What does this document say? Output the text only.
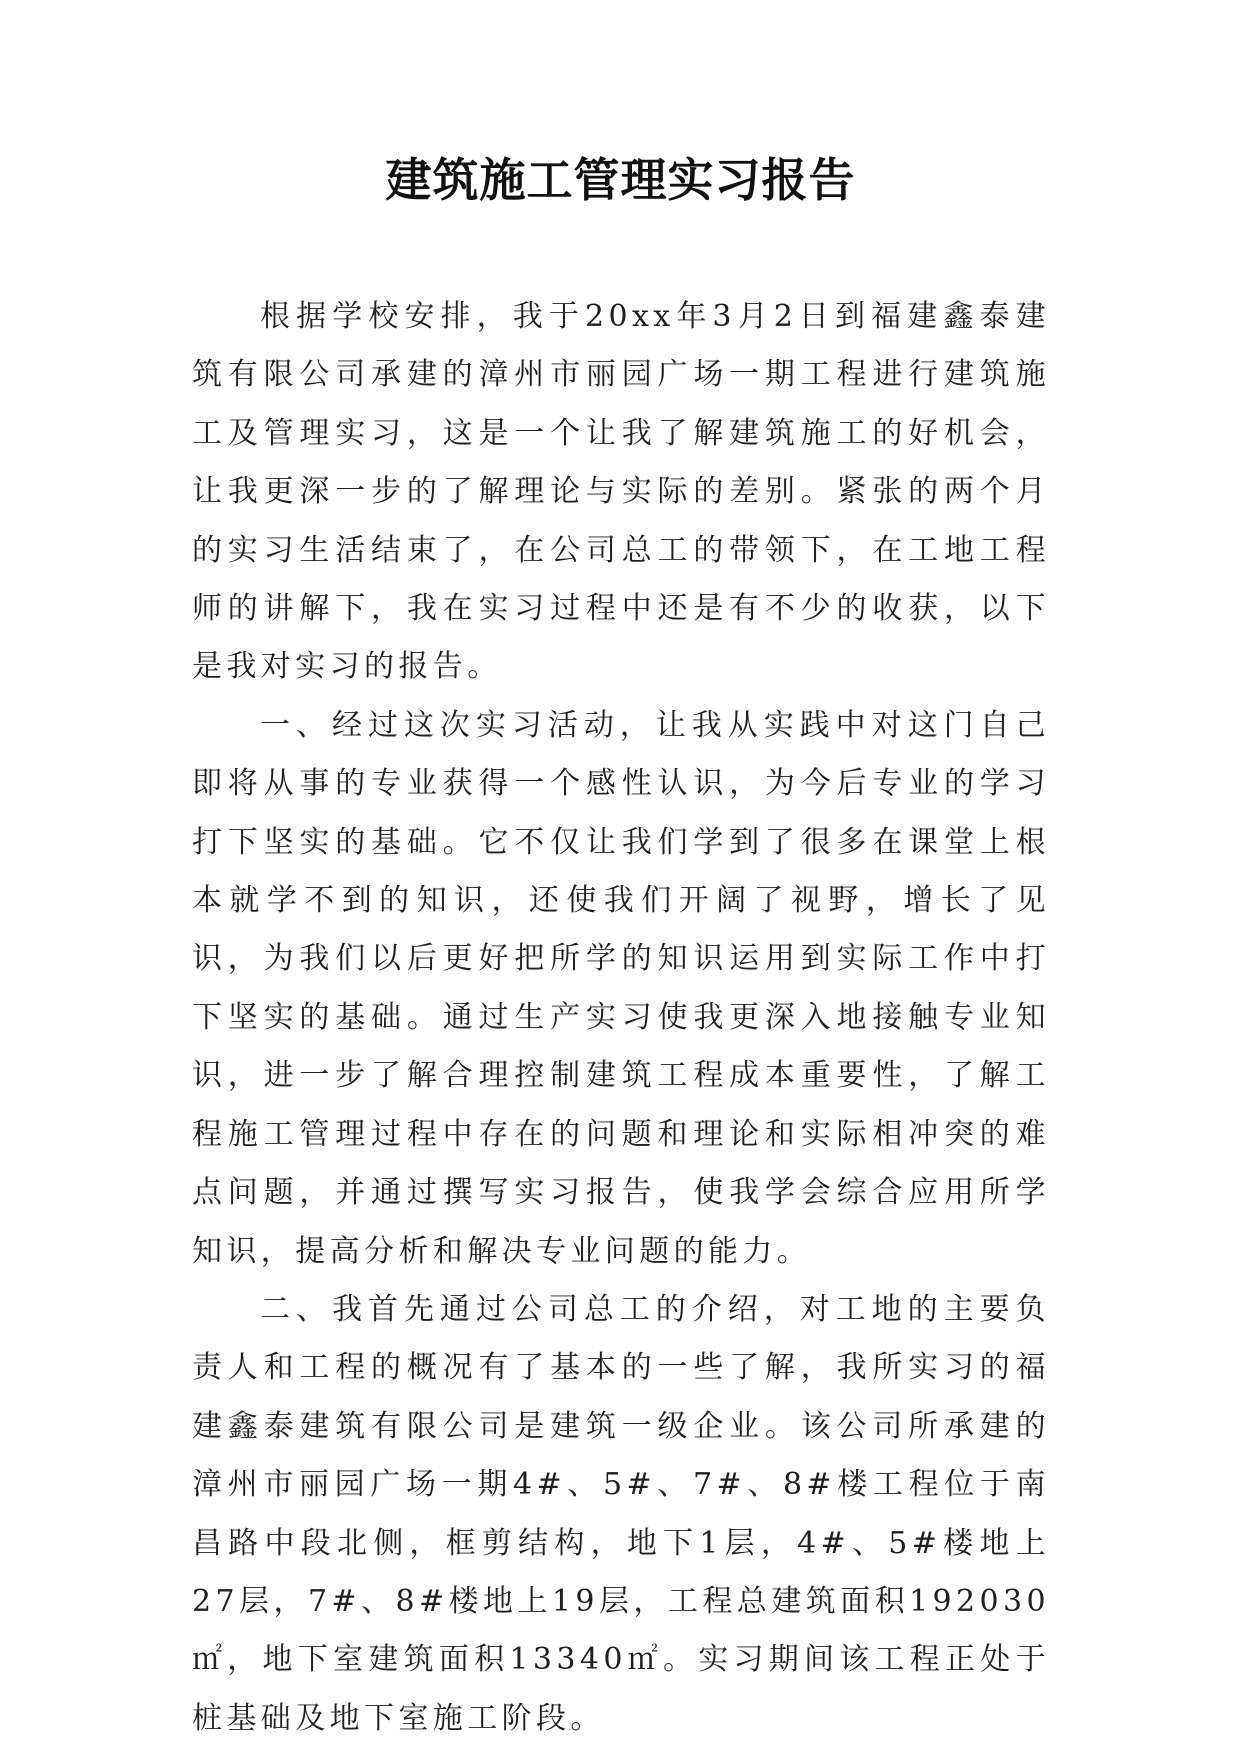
建筑施工管理实习报告

根据学校安排，我于20xx年3月2日到福建鑫泰建筑有限公司承建的漳州市丽园广场一期工程进行建筑施工及管理实习，这是一个让我了解建筑施工的好机会，让我更深一步的了解理论与实际的差别。紧张的两个月的实习生活结束了，在公司总工的带领下，在工地工程师的讲解下，我在实习过程中还是有不少的收获，以下是我对实习的报告。

一、经过这次实习活动，让我从实践中对这门自己即将从事的专业获得一个感性认识，为今后专业的学习打下坚实的基础。它不仅让我们学到了很多在课堂上根本就学不到的知识，还使我们开阔了视野，增长了见识，为我们以后更好把所学的知识运用到实际工作中打下坚实的基础。通过生产实习使我更深入地接触专业知识，进一步了解合理控制建筑工程成本重要性，了解工程施工管理过程中存在的问题和理论和实际相冲突的难点问题，并通过撰写实习报告，使我学会综合应用所学知识，提高分析和解决专业问题的能力。

二、我首先通过公司总工的介绍，对工地的主要负责人和工程的概况有了基本的一些了解，我所实习的福建鑫泰建筑有限公司是建筑一级企业。该公司所承建的漳州市丽园广场一期4#、5#、7#、8#楼工程位于南昌路中段北侧，框剪结构，地下1层，4#、5#楼地上27层，7#、8#楼地上19层，工程总建筑面积192030㎡，地下室建筑面积13340㎡。实习期间该工程正处于桩基础及地下室施工阶段。
